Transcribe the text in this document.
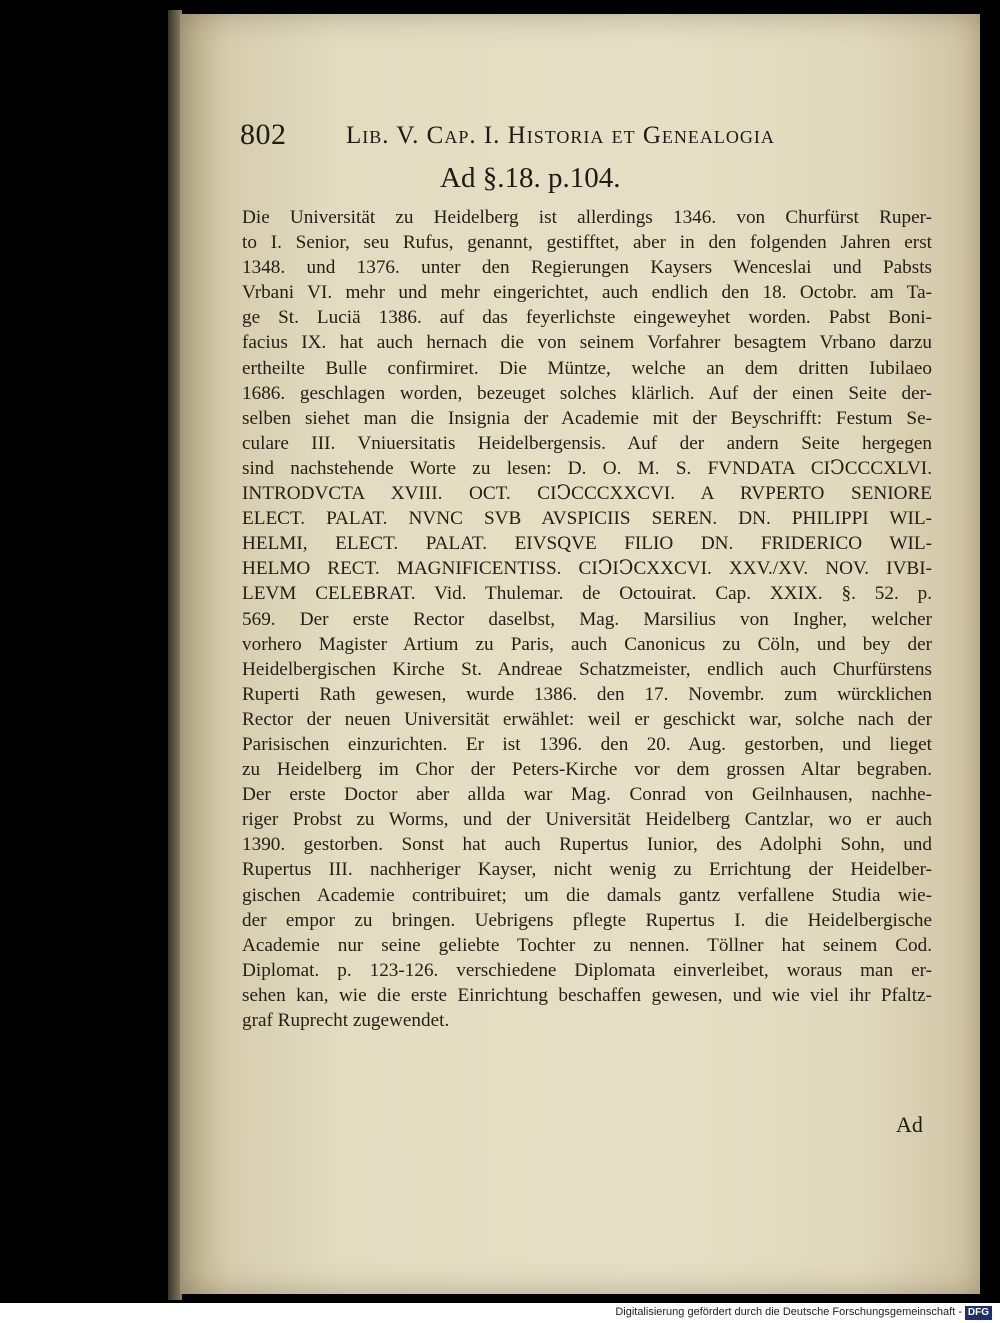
802 Lib. V. Cap. I. Historia et Genealogia
Ad §.18. p.104.
Die Universität zu Heidelberg ist allerdings 1346. von Churfürst Ruper-
to I. Senior, seu Rufus, genannt, gestifftet, aber in den folgenden Jahren erst
1348. und 1376. unter den Regierungen Kaysers Wenceslai und Pabsts
Vrbani VI. mehr und mehr eingerichtet, auch endlich den 18. Octobr. am Ta-
ge St. Luciä 1386. auf das feyerlichste eingeweyhet worden. Pabst Boni-
facius IX. hat auch hernach die von seinem Vorfahrer besagtem Vrbano darzu
ertheilte Bulle confirmiret. Die Müntze, welche an dem dritten Iubilaeo
1686. geschlagen worden, bezeuget solches klärlich. Auf der einen Seite der-
selben siehet man die Insignia der Academie mit der Beyschrifft: Festum Se-
culare III. Vniuersitatis Heidelbergensis. Auf der andern Seite hergegen
sind nachstehende Worte zu lesen: D. O. M. S. FVNDATA CIↃCCCXLVI.
INTRODVCTA XVIII. OCT. CIↃCCCXXCVI. A RVPERTO SENIORE
ELECT. PALAT. NVNC SVB AVSPICIIS SEREN. DN. PHILIPPI WIL-
HELMI, ELECT. PALAT. EIVSQVE FILIO DN. FRIDERICO WIL-
HELMO RECT. MAGNIFICENTISS. CIↃIↃCXXCVI. XXV./XV. NOV. IVBI-
LEVM CELEBRAT. Vid. Thulemar. de Octouirat. Cap. XXIX. §. 52. p.
569. Der erste Rector daselbst, Mag. Marsilius von Ingher, welcher
vorhero Magister Artium zu Paris, auch Canonicus zu Cöln, und bey der
Heidelbergischen Kirche St. Andreae Schatzmeister, endlich auch Churfürstens
Ruperti Rath gewesen, wurde 1386. den 17. Novembr. zum würcklichen
Rector der neuen Universität erwählet: weil er geschickt war, solche nach der
Parisischen einzurichten. Er ist 1396. den 20. Aug. gestorben, und lieget
zu Heidelberg im Chor der Peters-Kirche vor dem grossen Altar begraben.
Der erste Doctor aber allda war Mag. Conrad von Geilnhausen, nachhe-
riger Probst zu Worms, und der Universität Heidelberg Cantzlar, wo er auch
1390. gestorben. Sonst hat auch Rupertus Iunior, des Adolphi Sohn, und
Rupertus III. nachheriger Kayser, nicht wenig zu Errichtung der Heidelber-
gischen Academie contribuiret; um die damals gantz verfallene Studia wie-
der empor zu bringen. Uebrigens pflegte Rupertus I. die Heidelbergische
Academie nur seine geliebte Tochter zu nennen. Töllner hat seinem Cod.
Diplomat. p. 123-126. verschiedene Diplomata einverleibet, woraus man er-
sehen kan, wie die erste Einrichtung beschaffen gewesen, und wie viel ihr Pfaltz-
graf Ruprecht zugewendet.
Ad
Digitalisierung gefördert durch die Deutsche Forschungsgemeinschaft - DFG
